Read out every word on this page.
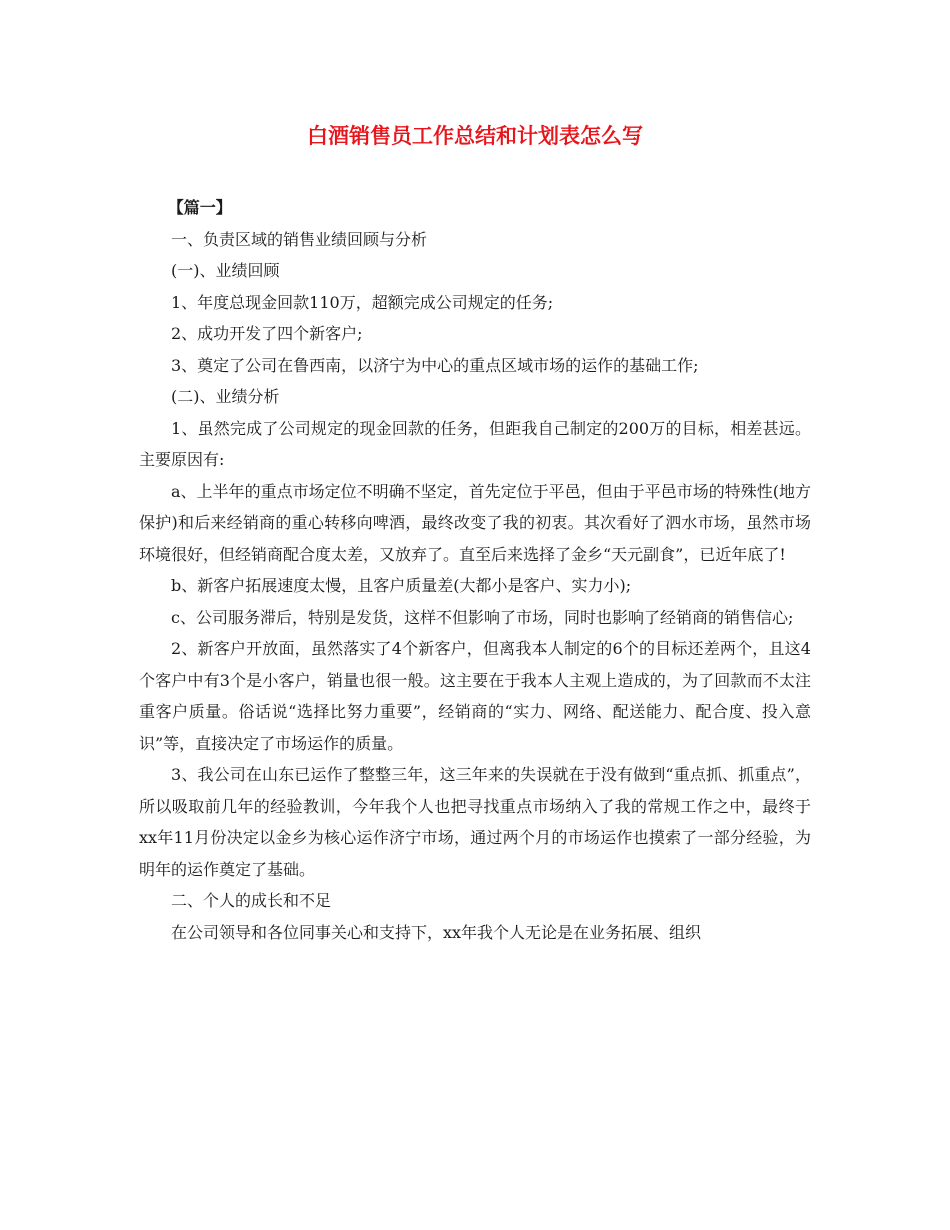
白酒销售员工作总结和计划表怎么写

【篇一】

一、负责区域的销售业绩回顾与分析

(一)、业绩回顾

1、年度总现金回款110万，超额完成公司规定的任务;

2、成功开发了四个新客户;

3、奠定了公司在鲁西南，以济宁为中心的重点区域市场的运作的基础工作;

(二)、业绩分析

1、虽然完成了公司规定的现金回款的任务，但距我自己制定的200万的目标，相差甚远。主要原因有:

a、上半年的重点市场定位不明确不坚定，首先定位于平邑，但由于平邑市场的特殊性(地方保护)和后来经销商的重心转移向啤酒，最终改变了我的初衷。其次看好了泗水市场，虽然市场环境很好，但经销商配合度太差，又放弃了。直至后来选择了金乡“天元副食”，已近年底了!

b、新客户拓展速度太慢，且客户质量差(大都小是客户、实力小);

c、公司服务滞后，特别是发货，这样不但影响了市场，同时也影响了经销商的销售信心;

2、新客户开放面，虽然落实了4个新客户，但离我本人制定的6个的目标还差两个，且这4个客户中有3个是小客户，销量也很一般。这主要在于我本人主观上造成的，为了回款而不太注重客户质量。俗话说“选择比努力重要”，经销商的“实力、网络、配送能力、配合度、投入意识”等，直接决定了市场运作的质量。

3、我公司在山东已运作了整整三年，这三年来的失误就在于没有做到“重点抓、抓重点”，所以吸取前几年的经验教训，今年我个人也把寻找重点市场纳入了我的常规工作之中，最终于xx年11月份决定以金乡为核心运作济宁市场，通过两个月的市场运作也摸索了一部分经验，为明年的运作奠定了基础。

二、个人的成长和不足

在公司领导和各位同事关心和支持下，xx年我个人无论是在业务拓展、组织
